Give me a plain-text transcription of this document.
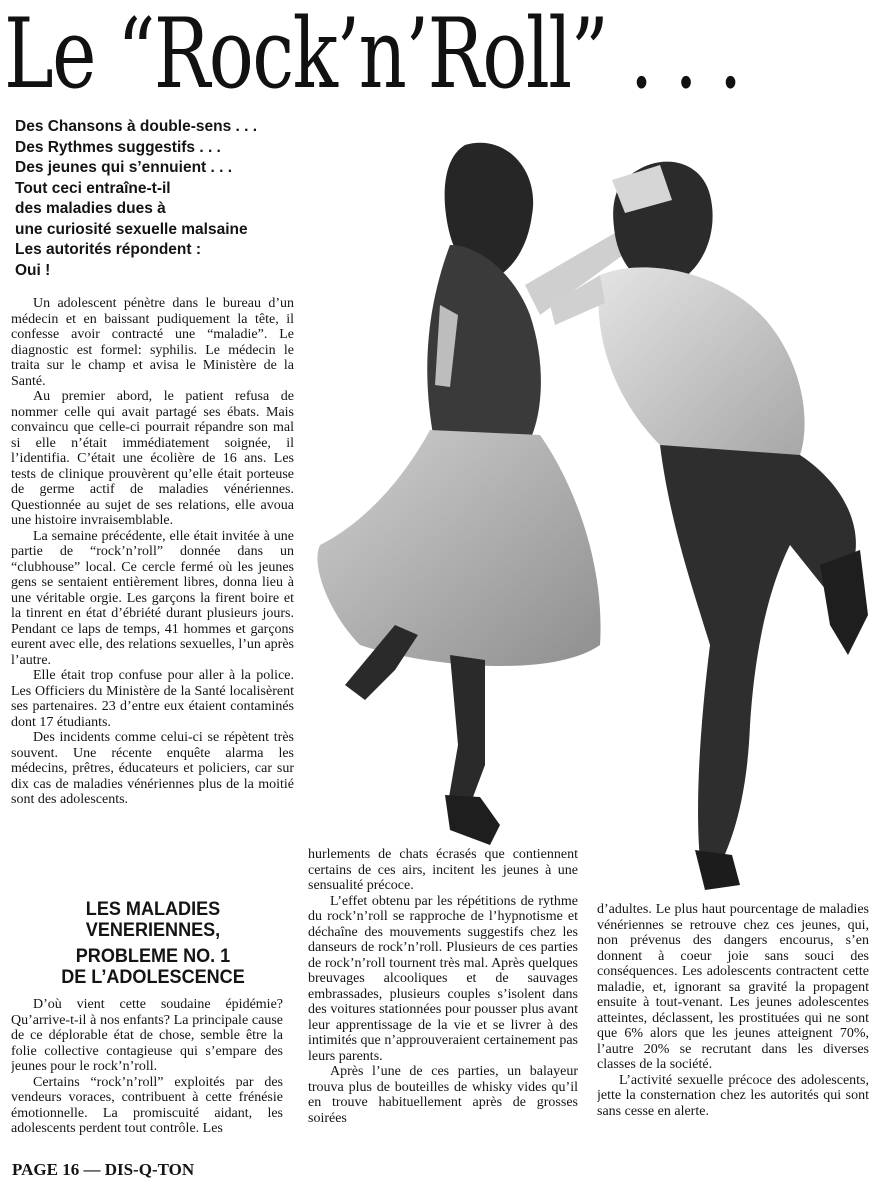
Le “Rock’n’Roll” . . .
Des Chansons à double-sens . . .
Des Rythmes suggestifs . . .
Des jeunes qui s’ennuient . . .
Tout ceci entraîne-t-il
des maladies dues à
une curiosité sexuelle malsaine
Les autorités répondent :
Oui !

Un adolescent pénètre dans le bureau d’un médecin et en baissant pudiquement la tête, il confesse avoir contracté une “maladie”. Le diagnostic est formel: syphilis. Le médecin le traita sur le champ et avisa le Ministère de la Santé.

Au premier abord, le patient refusa de nommer celle qui avait partagé ses ébats. Mais convaincu que celle-ci pourrait répandre son mal si elle n’était immédiatement soignée, il l’identifia. C’était une écolière de 16 ans. Les tests de clinique prouvèrent qu’elle était porteuse de germe actif de maladies vénériennes. Questionnée au sujet de ses relations, elle avoua une histoire invraisemblable.

La semaine précédente, elle était invitée à une partie de “rock’n’roll” donnée dans un “clubhouse” local. Ce cercle fermé où les jeunes gens se sentaient entièrement libres, donna lieu à une véritable orgie. Les garçons la firent boire et la tinrent en état d’ébriété durant plusieurs jours. Pendant ce laps de temps, 41 hommes et garçons eurent avec elle, des relations sexuelles, l’un après l’autre.

Elle était trop confuse pour aller à la police. Les Officiers du Ministère de la Santé localisèrent ses partenaires. 23 d’entre eux étaient contaminés dont 17 étudiants.

Des incidents comme celui-ci se répètent très souvent. Une récente enquête alarma les médecins, prêtres, éducateurs et policiers, car sur dix cas de maladies vénériennes plus de la moitié sont des adolescents.

LES MALADIES
VENERIENNES,
PROBLEME NO. 1
DE L’ADOLESCENCE

D’où vient cette soudaine épidémie? Qu’arrive-t-il à nos enfants? La principale cause de ce déplorable état de chose, semble être la folie collective contagieuse qui s’empare des jeunes pour le rock’n’roll.

Certains “rock’n’roll” exploités par des vendeurs voraces, contribuent à cette frénésie émotionnelle. La promiscuité aidant, les adolescents perdent tout contrôle. Les

hurlements de chats écrasés que contiennent certains de ces airs, incitent les jeunes à une sensualité précoce.

L’effet obtenu par les répétitions de rythme du rock’n’roll se rapproche de l’hypnotisme et déchaîne des mouvements suggestifs chez les danseurs de rock’n’roll. Plusieurs de ces parties de rock’n’roll tournent très mal. Après quelques breuvages alcooliques et de sauvages embrassades, plusieurs couples s’isolent dans des voitures stationnées pour pousser plus avant leur apprentissage de la vie et se livrer à des intimités que n’approuveraient certainement pas leurs parents.

Après l’une de ces parties, un balayeur trouva plus de bouteilles de whisky vides qu’il en trouve habituellement après de grosses soirées

d’adultes. Le plus haut pourcentage de maladies vénériennes se retrouve chez ces jeunes, qui, non prévenus des dangers encourus, s’en donnent à coeur joie sans souci des conséquences. Les adolescents contractent cette maladie, et, ignorant sa gravité la propagent ensuite à tout-venant. Les jeunes adolescentes atteintes, déclassent, les prostituées qui ne sont que 6% alors que les jeunes atteignent 70%, l’autre 20% se recrutant dans les diverses classes de la société.

L’activité sexuelle précoce des adolescents, jette la consternation chez les autorités qui sont sans cesse en alerte.

PAGE 16 — DIS-Q-TON
